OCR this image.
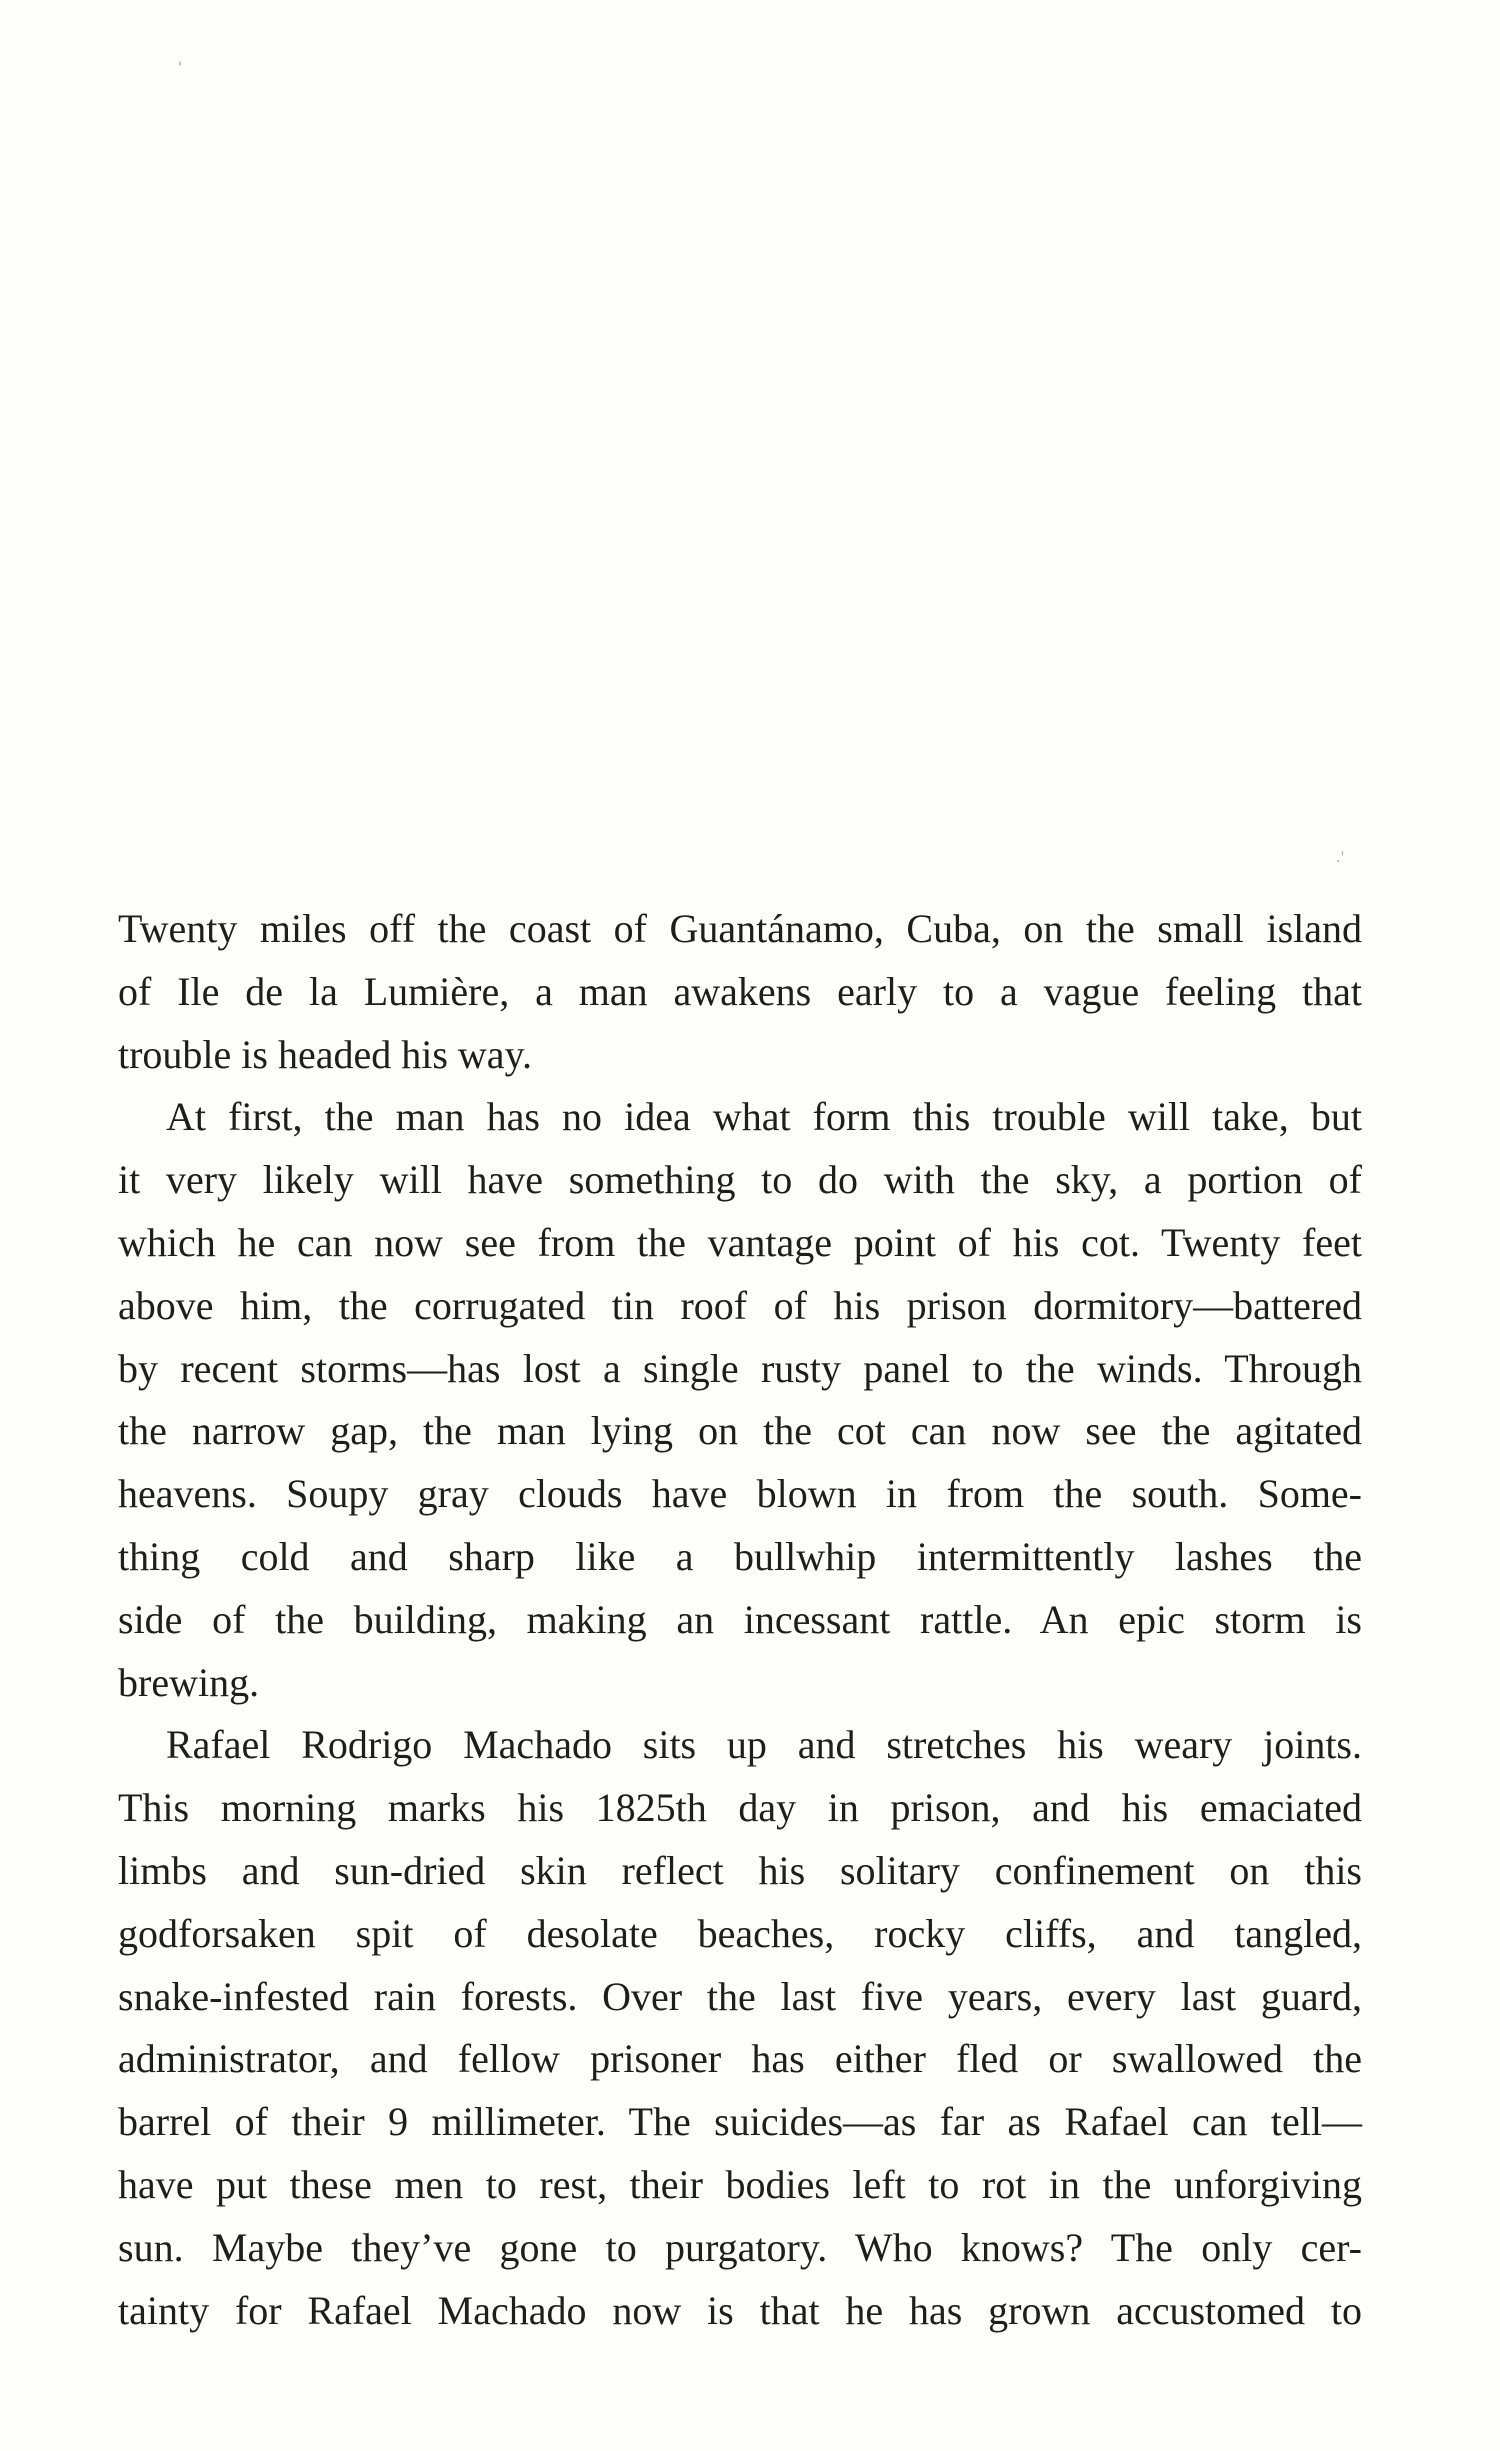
'
.'
Twenty miles off the coast of Guantánamo, Cuba, on the small island
of Ile de la Lumière, a man awakens early to a vague feeling that
trouble is headed his way.
At first, the man has no idea what form this trouble will take, but
it very likely will have something to do with the sky, a portion of
which he can now see from the vantage point of his cot. Twenty feet
above him, the corrugated tin roof of his prison dormitory—battered
by recent storms—has lost a single rusty panel to the winds. Through
the narrow gap, the man lying on the cot can now see the agitated
heavens. Soupy gray clouds have blown in from the south. Some-
thing cold and sharp like a bullwhip intermittently lashes the
side of the building, making an incessant rattle. An epic storm is
brewing.
Rafael Rodrigo Machado sits up and stretches his weary joints.
This morning marks his 1825th day in prison, and his emaciated
limbs and sun-dried skin reflect his solitary confinement on this
godforsaken spit of desolate beaches, rocky cliffs, and tangled,
snake-infested rain forests. Over the last five years, every last guard,
administrator, and fellow prisoner has either fled or swallowed the
barrel of their 9 millimeter. The suicides—as far as Rafael can tell—
have put these men to rest, their bodies left to rot in the unforgiving
sun. Maybe they’ve gone to purgatory. Who knows? The only cer-
tainty for Rafael Machado now is that he has grown accustomed to
